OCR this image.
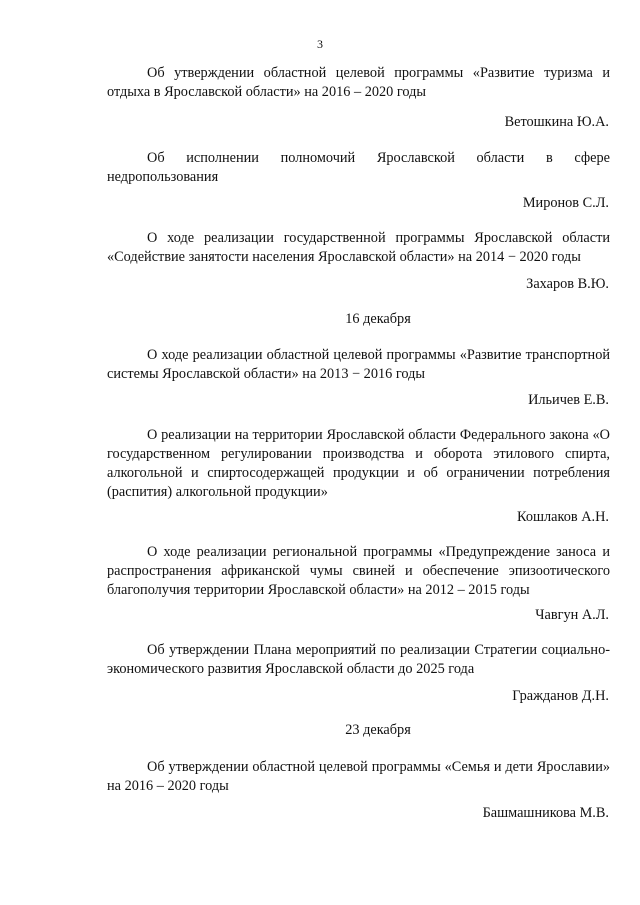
3
Об утверждении областной целевой программы «Развитие туризма и отдыха в Ярославской области» на 2016 – 2020 годы
Ветошкина Ю.А.
Об исполнении полномочий Ярославской области в сфере недропользования
Миронов С.Л.
О ходе реализации государственной программы Ярославской области «Содействие занятости населения Ярославской области» на 2014 − 2020 годы
Захаров В.Ю.
16 декабря
О ходе реализации областной целевой программы «Развитие транспортной системы Ярославской области» на 2013 − 2016 годы
Ильичев Е.В.
О реализации на территории Ярославской области Федерального закона «О государственном регулировании производства и оборота этилового спирта, алкогольной и спиртосодержащей продукции и об ограничении потребления (распития) алкогольной продукции»
Кошлаков А.Н.
О ходе реализации региональной программы «Предупреждение заноса и распространения африканской чумы свиней и обеспечение эпизоотического благополучия территории Ярославской области» на 2012 – 2015 годы
Чавгун А.Л.
Об утверждении Плана мероприятий по реализации Стратегии социально-экономического развития Ярославской области до 2025 года
Гражданов Д.Н.
23 декабря
Об утверждении областной целевой программы «Семья и дети Ярославии» на 2016 – 2020 годы
Башмашникова М.В.
